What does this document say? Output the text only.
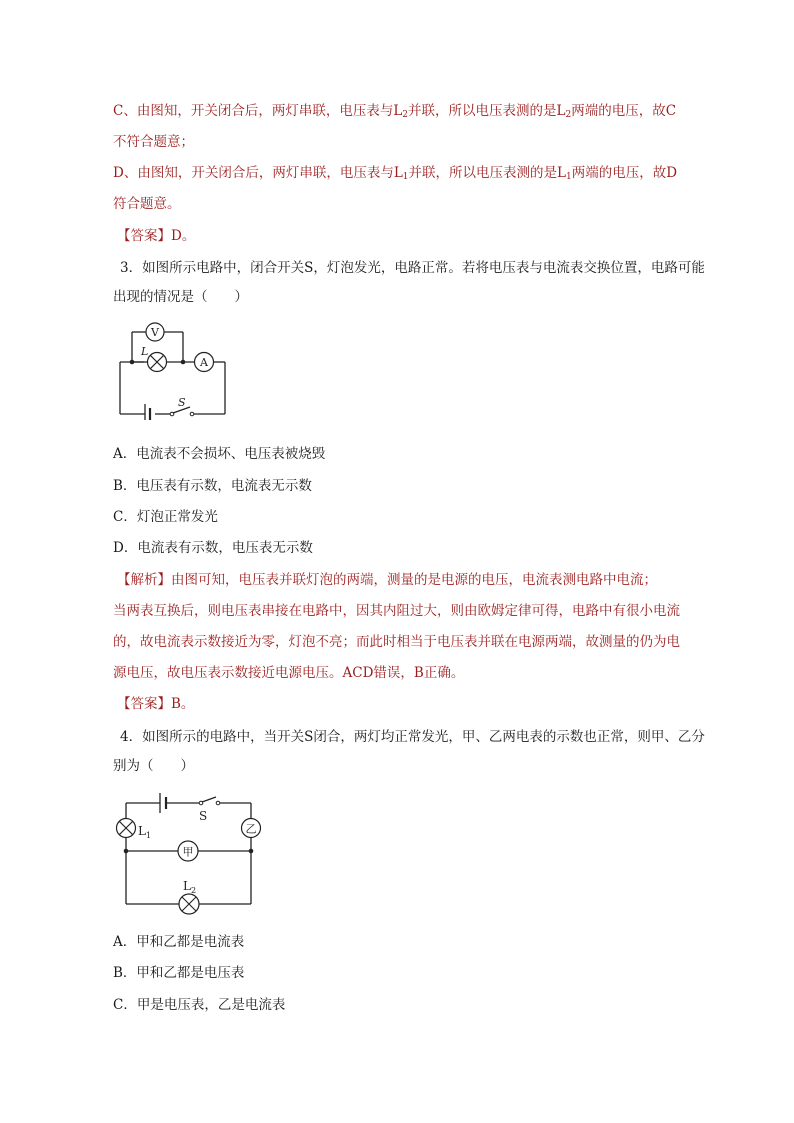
C、由图知，开关闭合后，两灯串联，电压表与$L_2$并联，所以电压表测的是$L_2$两端的电压，故C
不符合题意；
D、由图知，开关闭合后，两灯串联，电压表与$L_1$并联，所以电压表测的是$L_1$两端的电压，故D
符合题意。
【答案】D。
3．如图所示电路中，闭合开关S，灯泡发光，电路正常。若将电压表与电流表交换位置，电路可能
出现的情况是（　　）
S
V
L
A
A．电流表不会损坏、电压表被烧毁
B．电压表有示数，电流表无示数
C．灯泡正常发光
D．电流表有示数，电压表无示数
【解析】由图可知，电压表并联灯泡的两端，测量的是电源的电压，电流表测电路中电流；
当两表互换后，则电压表串接在电路中，因其内阻过大，则由欧姆定律可得，电路中有很小电流
的，故电流表示数接近为零，灯泡不亮；而此时相当于电压表并联在电源两端，故测量的仍为电
源电压，故电压表示数接近电源电压。ACD错误，B正确。
【答案】B。
4．如图所示的电路中，当开关S闭合，两灯均正常发光，甲、乙两电表的示数也正常，则甲、乙分
别为（　　）
S
$L_1$	乙
甲
$L_2$
A．甲和乙都是电流表
B．甲和乙都是电压表
C．甲是电压表，乙是电流表
